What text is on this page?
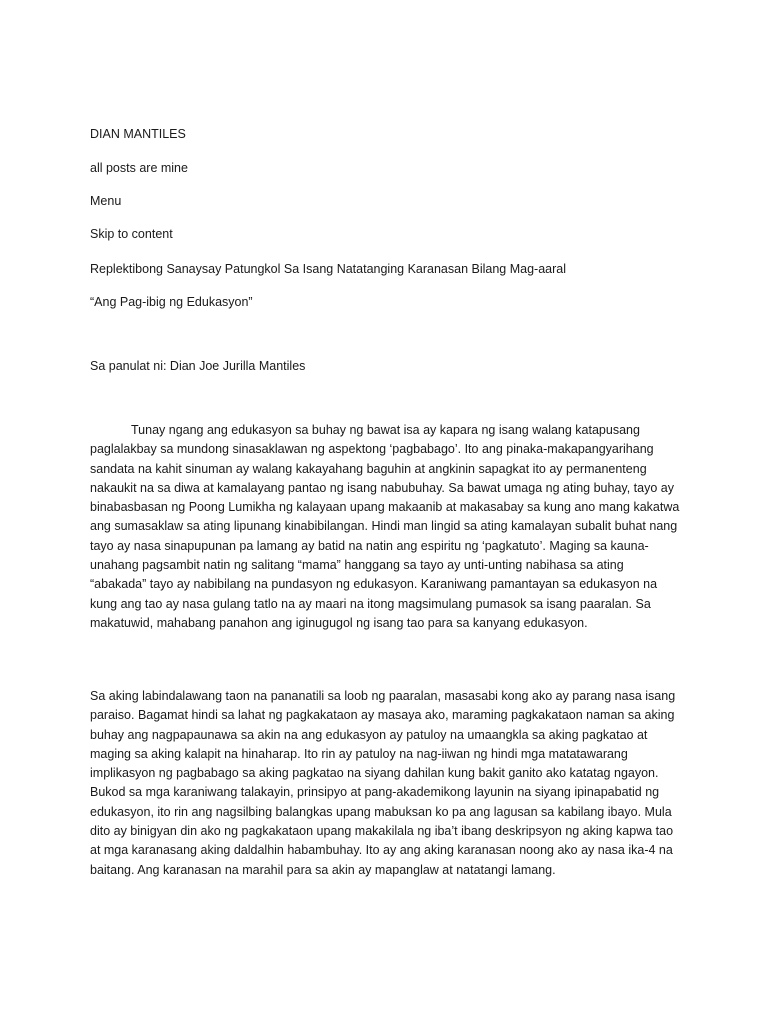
DIAN MANTILES

all posts are mine

Menu

Skip to content

Replektibong Sanaysay Patungkol Sa Isang Natatanging Karanasan Bilang Mag-aaral

“Ang Pag-ibig ng Edukasyon”

Sa panulat ni: Dian Joe Jurilla Mantiles

Tunay ngang ang edukasyon sa buhay ng bawat isa ay kapara ng isang walang katapusang paglalakbay sa mundong sinasaklawan ng aspektong ‘pagbabago’. Ito ang pinaka-makapangyarihang sandata na kahit sinuman ay walang kakayahang baguhin at angkinin sapagkat ito ay permanenteng nakaukit na sa diwa at kamalayang pantao ng isang nabubuhay. Sa bawat umaga ng ating buhay, tayo ay binabasbasan ng Poong Lumikha ng kalayaan upang makaanib at makasabay sa kung ano mang kakatwa ang sumasaklaw sa ating lipunang kinabibilangan. Hindi man lingid sa ating kamalayan subalit buhat nang tayo ay nasa sinapupunan pa lamang ay batid na natin ang espiritu ng ‘pagkatuto’. Maging sa kauna-unahang pagsambit natin ng salitang “mama” hanggang sa tayo ay unti-unting nabihasa sa ating “abakada” tayo ay nabibilang na pundasyon ng edukasyon. Karaniwang pamantayan sa edukasyon na kung ang tao ay nasa gulang tatlo na ay maari na itong magsimulang pumasok sa isang paaralan. Sa makatuwid, mahabang panahon ang iginugugol ng isang tao para sa kanyang edukasyon.

Sa aking labindalawang taon na pananatili sa loob ng paaralan, masasabi kong ako ay parang nasa isang paraiso. Bagamat hindi sa lahat ng pagkakataon ay masaya ako, maraming pagkakataon naman sa aking buhay ang nagpapaunawa sa akin na ang edukasyon ay patuloy na umaangkla sa aking pagkatao at maging sa aking kalapit na hinaharap. Ito rin ay patuloy na nag-iiwan ng hindi mga matatawarang implikasyon ng pagbabago sa aking pagkatao na siyang dahilan kung bakit ganito ako katatag ngayon. Bukod sa mga karaniwang talakayin, prinsipyo at pang-akademikong layunin na siyang ipinapabatid ng edukasyon, ito rin ang nagsilbing balangkas upang mabuksan ko pa ang lagusan sa kabilang ibayo. Mula dito ay binigyan din ako ng pagkakataon upang makakilala ng iba’t ibang deskripsyon ng aking kapwa tao at mga karanasang aking daldalhin habambuhay. Ito ay ang aking karanasan noong ako ay nasa ika-4 na baitang. Ang karanasan na marahil para sa akin ay mapanglaw at natatangi lamang.
